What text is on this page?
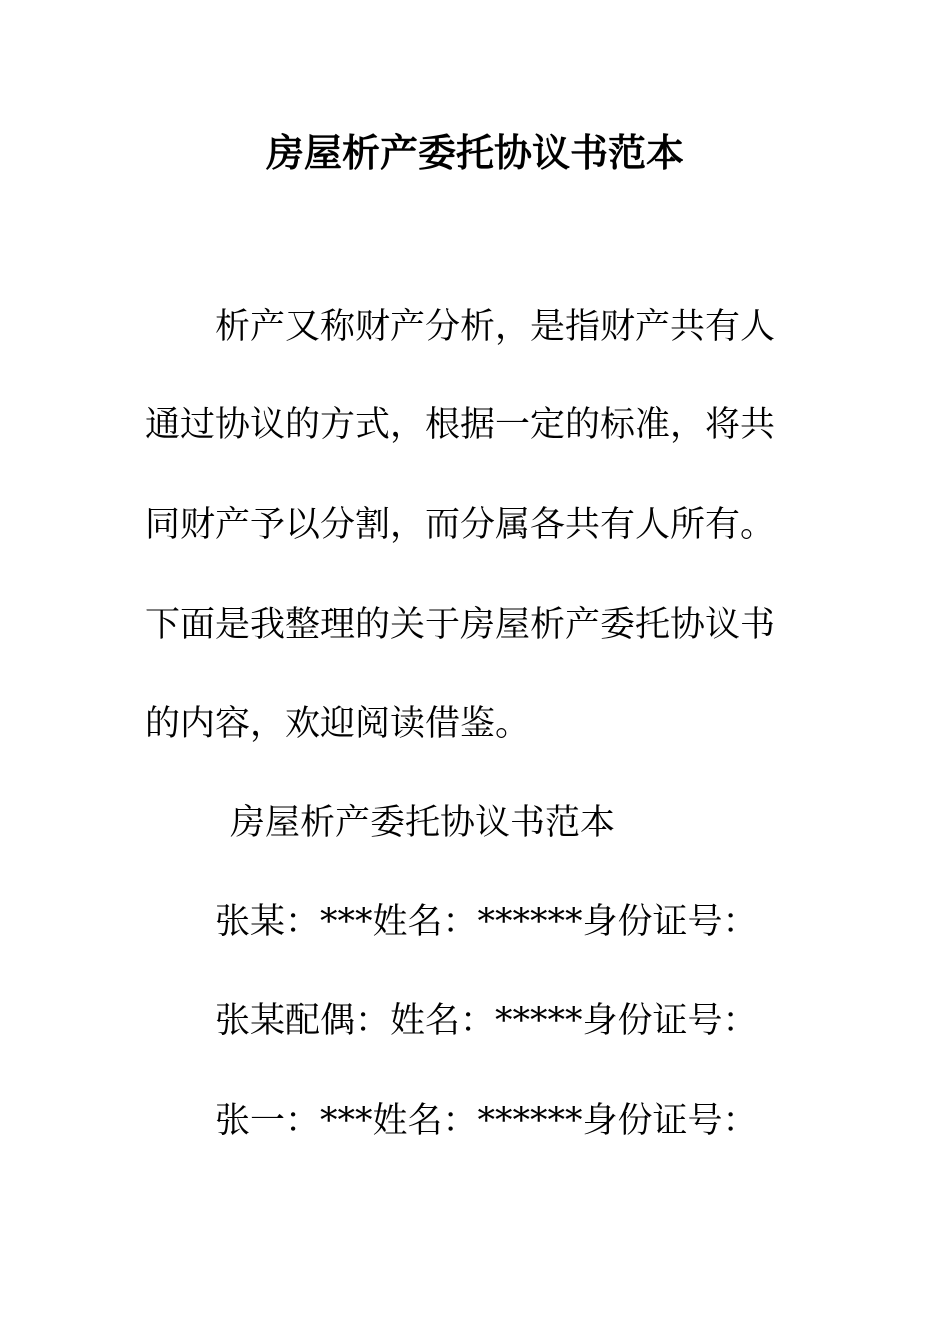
房屋析产委托协议书范本
析产又称财产分析，是指财产共有人
通过协议的方式，根据一定的标准，将共
同财产予以分割，而分属各共有人所有。
下面是我整理的关于房屋析产委托协议书
的内容，欢迎阅读借鉴。
房屋析产委托协议书范本
张某：***姓名：******身份证号：
张某配偶：姓名：*****身份证号：
张一：***姓名：******身份证号：
